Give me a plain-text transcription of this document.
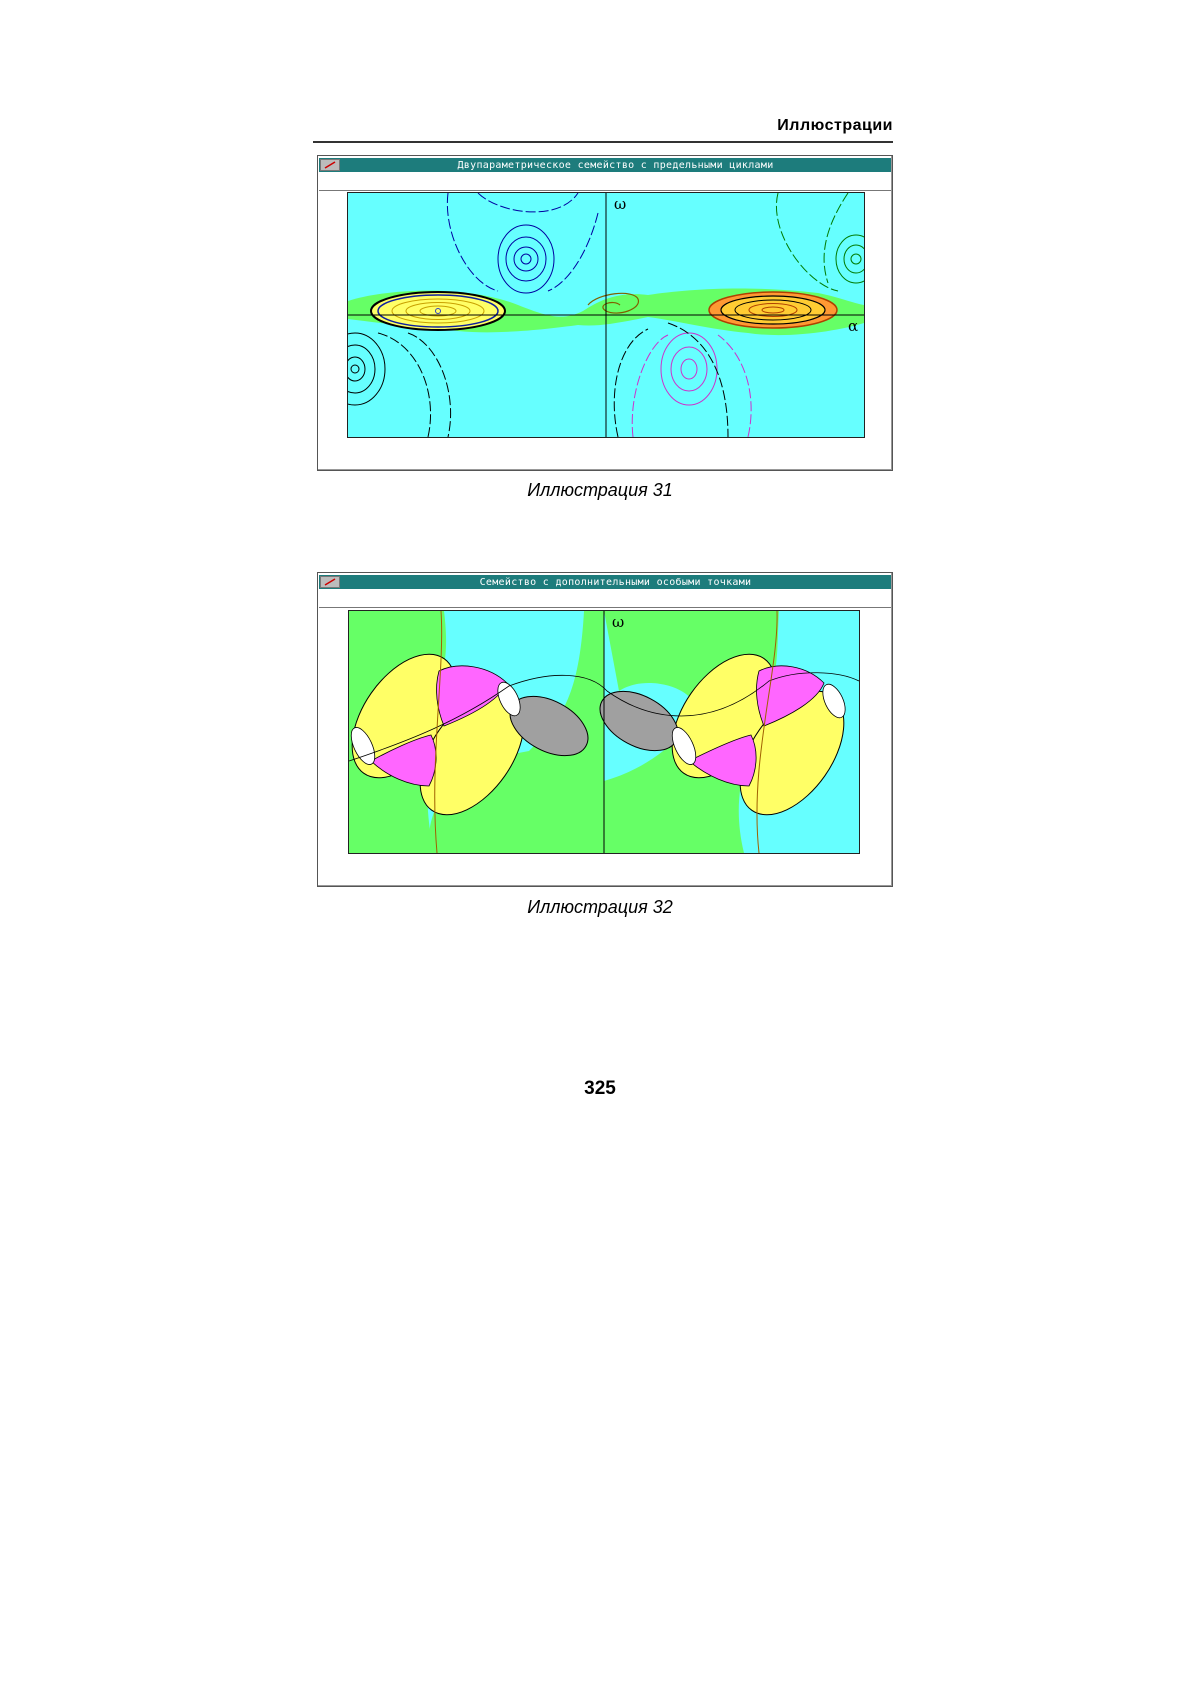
Иллюстрации
Двупараметрическое семейство с предельными циклами
ω
α
Иллюстрация 31
Семейство с дополнительными особыми точками
ω
Иллюстрация 32
325
